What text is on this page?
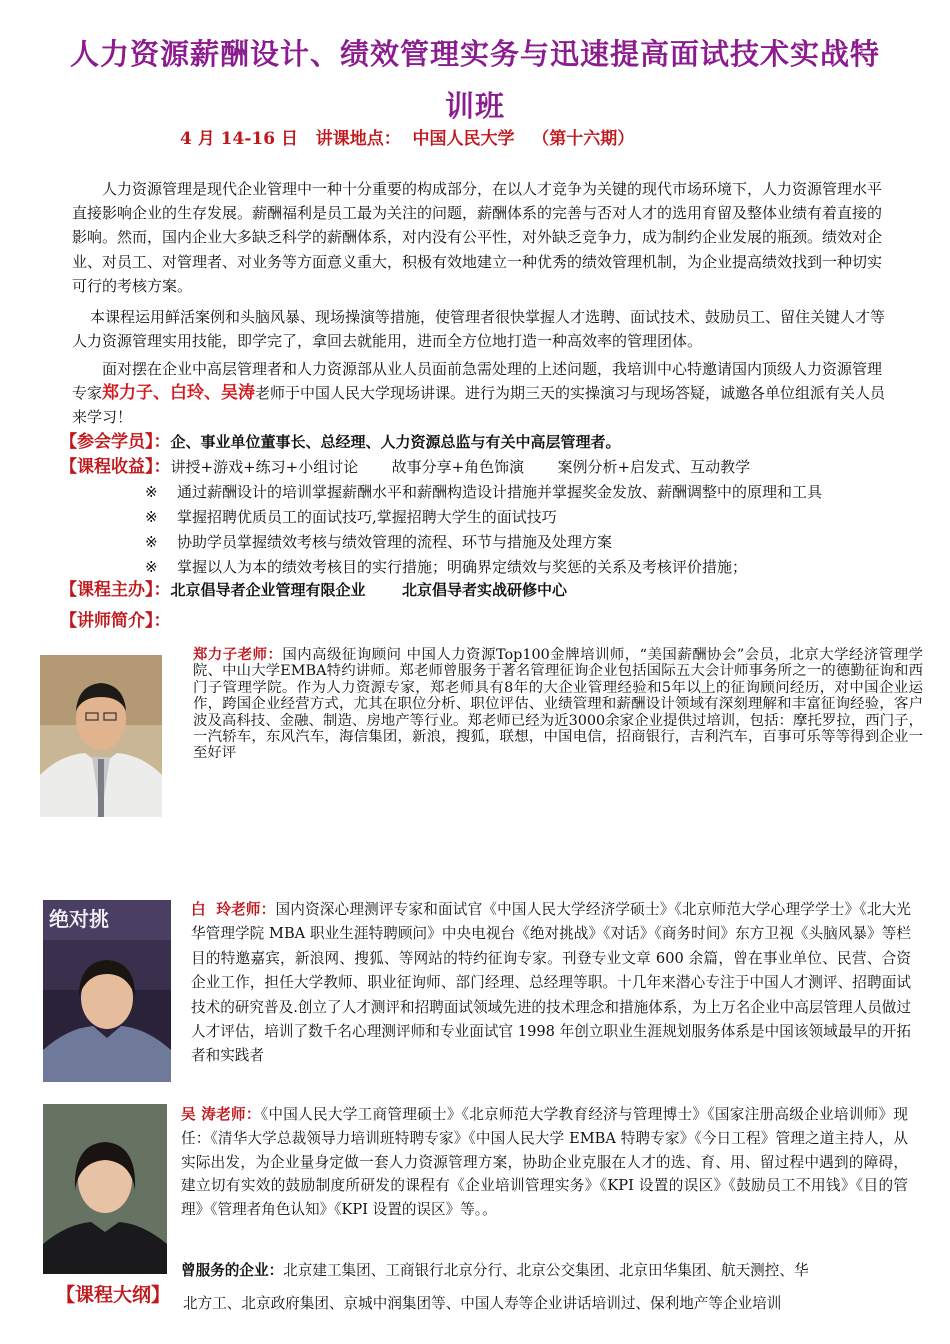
人力资源薪酬设计、绩效管理实务与迅速提高面试技术实战特
训班
4 月 14-16 日   讲课地点：  中国人民大学   （第十六期）

人力资源管理是现代企业管理中一种十分重要的构成部分，在以人才竞争为关键的现代市场环境下，人力资源管理水平直接影响企业的生存发展。薪酬福利是员工最为关注的问题，薪酬体系的完善与否对人才的选用育留及整体业绩有着直接的影响。然而，国内企业大多缺乏科学的薪酬体系，对内没有公平性，对外缺乏竞争力，成为制约企业发展的瓶颈。绩效对企业、对员工、对管理者、对业务等方面意义重大，积极有效地建立一种优秀的绩效管理机制，为企业提高绩效找到一种切实可行的考核方案。

本课程运用鲜活案例和头脑风暴、现场操演等措施，使管理者很快掌握人才选聘、面试技术、鼓励员工、留住关键人才等人力资源管理实用技能，即学完了，拿回去就能用，进而全方位地打造一种高效率的管理团体。

面对摆在企业中高层管理者和人力资源部从业人员面前急需处理的上述问题，我培训中心特邀请国内顶级人力资源管理专家郑力子、白玲、吴涛老师于中国人民大学现场讲课。进行为期三天的实操演习与现场答疑，诚邀各单位组派有关人员来学习！

【参会学员】：企、事业单位董事长、总经理、人力资源总监与有关中高层管理者。
【课程收益】：讲授+游戏+练习+小组讨论       故事分享+角色饰演       案例分析+启发式、互动教学
※ 通过薪酬设计的培训掌握薪酬水平和薪酬构造设计措施并掌握奖金发放、薪酬调整中的原理和工具
※ 掌握招聘优质员工的面试技巧,掌握招聘大学生的面试技巧
※ 协助学员掌握绩效考核与绩效管理的流程、环节与措施及处理方案
※ 掌握以人为本的绩效考核目的实行措施；明确界定绩效与奖惩的关系及考核评价措施；
【课程主办】：北京倡导者企业管理有限企业       北京倡导者实战研修中心
【讲师简介】：

郑力子老师：国内高级征询顾问 中国人力资源Top100金牌培训师，“美国薪酬协会”会员，北京大学经济管理学院、中山大学EMBA特约讲师。郑老师曾服务于著名管理征询企业包括国际五大会计师事务所之一的德勤征询和西门子管理学院。作为人力资源专家，郑老师具有8年的大企业管理经验和5年以上的征询顾问经历，对中国企业运作，跨国企业经营方式，尤其在职位分析、职位评估、业绩管理和薪酬设计领域有深刻理解和丰富征询经验，客户波及高科技、金融、制造、房地产等行业。郑老师已经为近3000余家企业提供过培训，包括：摩托罗拉，西门子，一汽轿车，东风汽车，海信集团，新浪，搜狐，联想，中国电信，招商银行，吉利汽车，百事可乐等等得到企业一至好评

绝对挑	白  玲老师：国内资深心理测评专家和面试官《中国人民大学经济学硕士》《北京师范大学心理学学士》《北大光华管理学院 MBA 职业生涯特聘顾问》中央电视台《绝对挑战》《对话》《商务时间》东方卫视《头脑风暴》等栏目的特邀嘉宾，新浪网、搜狐、等网站的特约征询专家。刊登专业文章 600 余篇，曾在事业单位、民营、合资企业工作，担任大学教师、职业征询师、部门经理、总经理等职。十几年来潜心专注于中国人才测评、招聘面试技术的研究普及.创立了人才测评和招聘面试领域先进的技术理念和措施体系，为上万名企业中高层管理人员做过人才评估，培训了数千名心理测评师和专业面试官 1998 年创立职业生涯规划服务体系是中国该领域最早的开拓者和实践者

吴 涛老师：《中国人民大学工商管理硕士》《北京师范大学教育经济与管理博士》《国家注册高级企业培训师》现任：《清华大学总裁领导力培训班特聘专家》《中国人民大学 EMBA 特聘专家》《今日工程》管理之道主持人，从实际出发，为企业量身定做一套人力资源管理方案，协助企业克服在人才的选、育、用、留过程中遇到的障碍，建立切有实效的鼓励制度所研发的课程有《企业培训管理实务》《KPI 设置的误区》《鼓励员工不用钱》《目的管理》《管理者角色认知》《KPI 设置的误区》等。。

曾服务的企业：北京建工集团、工商银行北京分行、北京公交集团、北京田华集团、航天测控、华
北方工、北京政府集团、京城中润集团等、中国人寿等企业讲话培训过、保利地产等企业培训
【课程大纲】
